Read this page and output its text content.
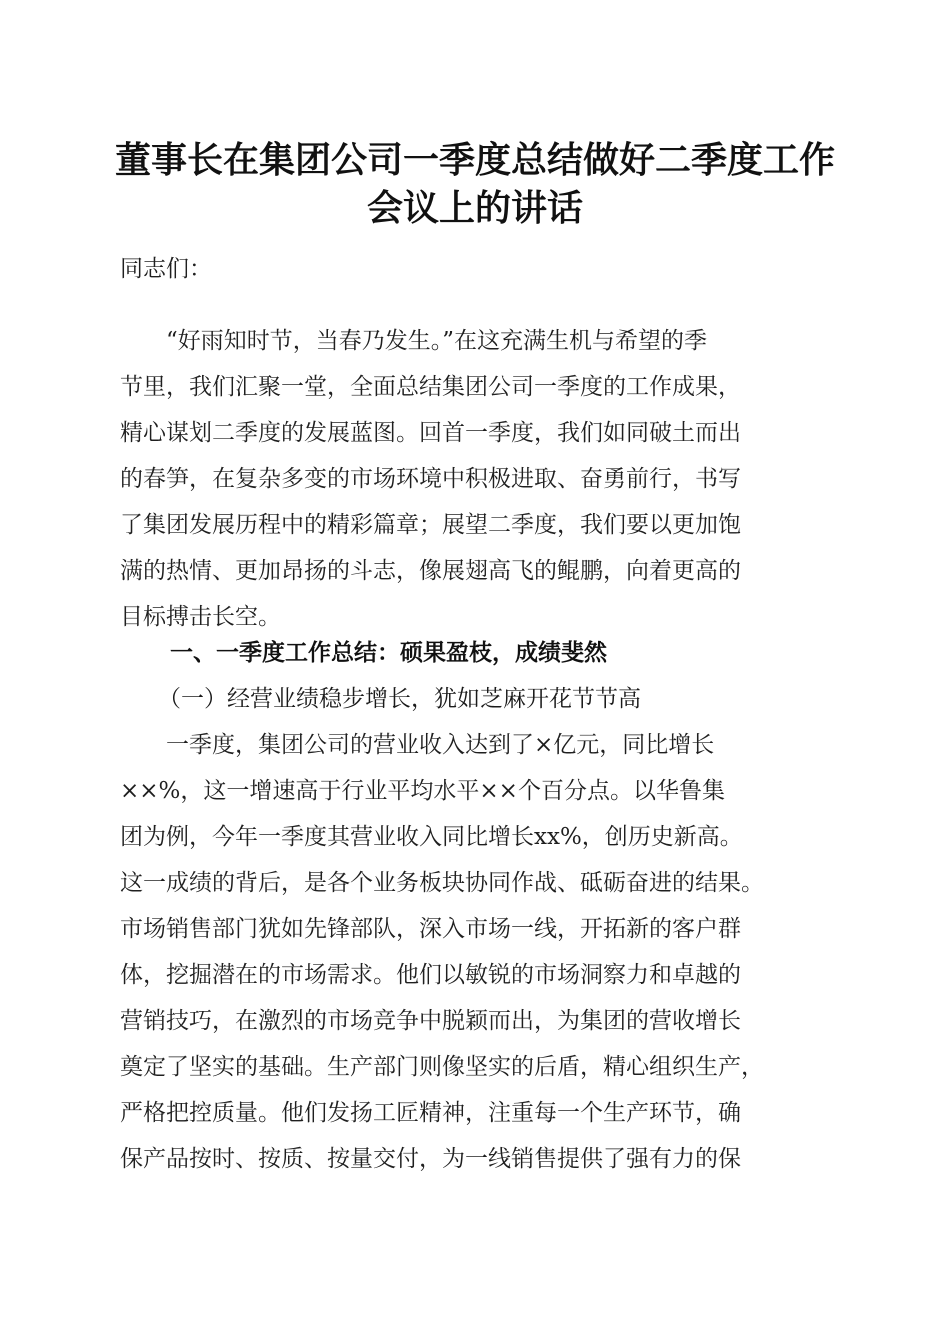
董事长在集团公司一季度总结做好二季度工作
会议上的讲话
同志们：
　　“好雨知时节，当春乃发生。”在这充满生机与希望的季
节里，我们汇聚一堂，全面总结集团公司一季度的工作成果，
精心谋划二季度的发展蓝图。回首一季度，我们如同破土而出
的春笋，在复杂多变的市场环境中积极进取、奋勇前行，书写
了集团发展历程中的精彩篇章；展望二季度，我们要以更加饱
满的热情、更加昂扬的斗志，像展翅高飞的鲲鹏，向着更高的
目标搏击长空。
一、一季度工作总结：硕果盈枝，成绩斐然
（一）经营业绩稳步增长，犹如芝麻开花节节高
　　一季度，集团公司的营业收入达到了×亿元，同比增长
××%，这一增速高于行业平均水平××个百分点。以华鲁集
团为例，今年一季度其营业收入同比增长xx%，创历史新高。
这一成绩的背后，是各个业务板块协同作战、砥砺奋进的结果。
市场销售部门犹如先锋部队，深入市场一线，开拓新的客户群
体，挖掘潜在的市场需求。他们以敏锐的市场洞察力和卓越的
营销技巧，在激烈的市场竞争中脱颖而出，为集团的营收增长
奠定了坚实的基础。生产部门则像坚实的后盾，精心组织生产，
严格把控质量。他们发扬工匠精神，注重每一个生产环节，确
保产品按时、按质、按量交付，为一线销售提供了强有力的保
